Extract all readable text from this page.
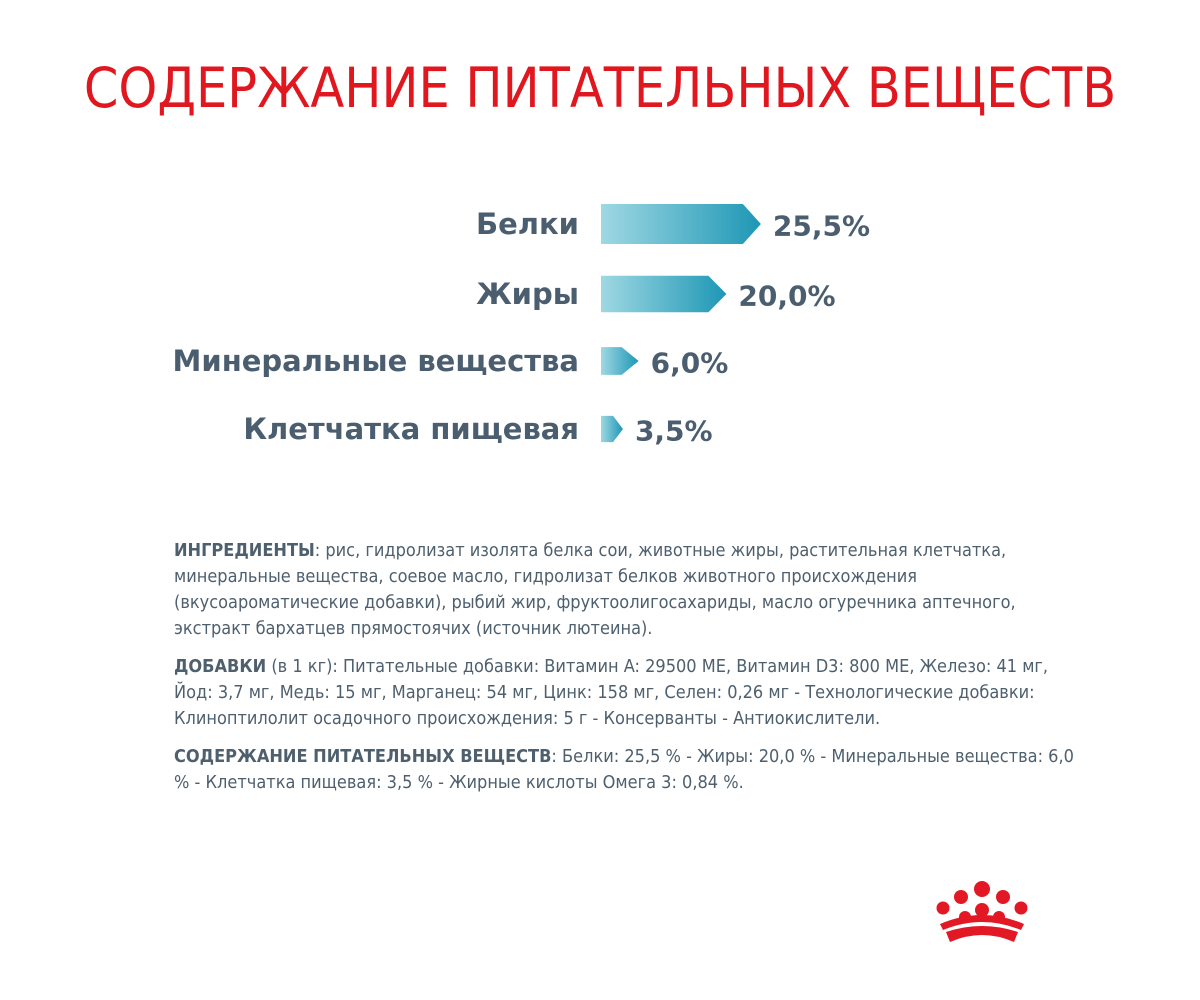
СОДЕРЖАНИЕ ПИТАТЕЛЬНЫХ ВЕЩЕСТВ
Белки	25,5%
Жиры	20,0%
Минеральные вещества	6,0%
Клетчатка пищевая 3,5%

ИНГРЕДИЕНТЫ: рис, гидролизат изолята белка сои, животные жиры, растительная клетчатка, минеральные вещества, соевое масло, гидролизат белков животного происхождения (вкусоароматические добавки), рыбий жир, фруктоолигосахариды, масло огуречника аптечного, экстракт бархатцев прямостоячих (источник лютеина).

ДОБАВКИ (в 1 кг): Питательные добавки: Витамин A: 29500 МЕ, Витамин D3: 800 МЕ, Железо: 41 мг, Йод: 3,7 мг, Медь: 15 мг, Марганец: 54 мг, Цинк: 158 мг, Селен: 0,26 мг - Технологические добавки: Клиноптилолит осадочного происхождения: 5 г - Консерванты - Антиокислители.

СОДЕРЖАНИЕ ПИТАТЕЛЬНЫХ ВЕЩЕСТВ: Белки: 25,5 % - Жиры: 20,0 % - Минеральные вещества: 6,0 % - Клетчатка пищевая: 3,5 % - Жирные кислоты Омега 3: 0,84 %.
